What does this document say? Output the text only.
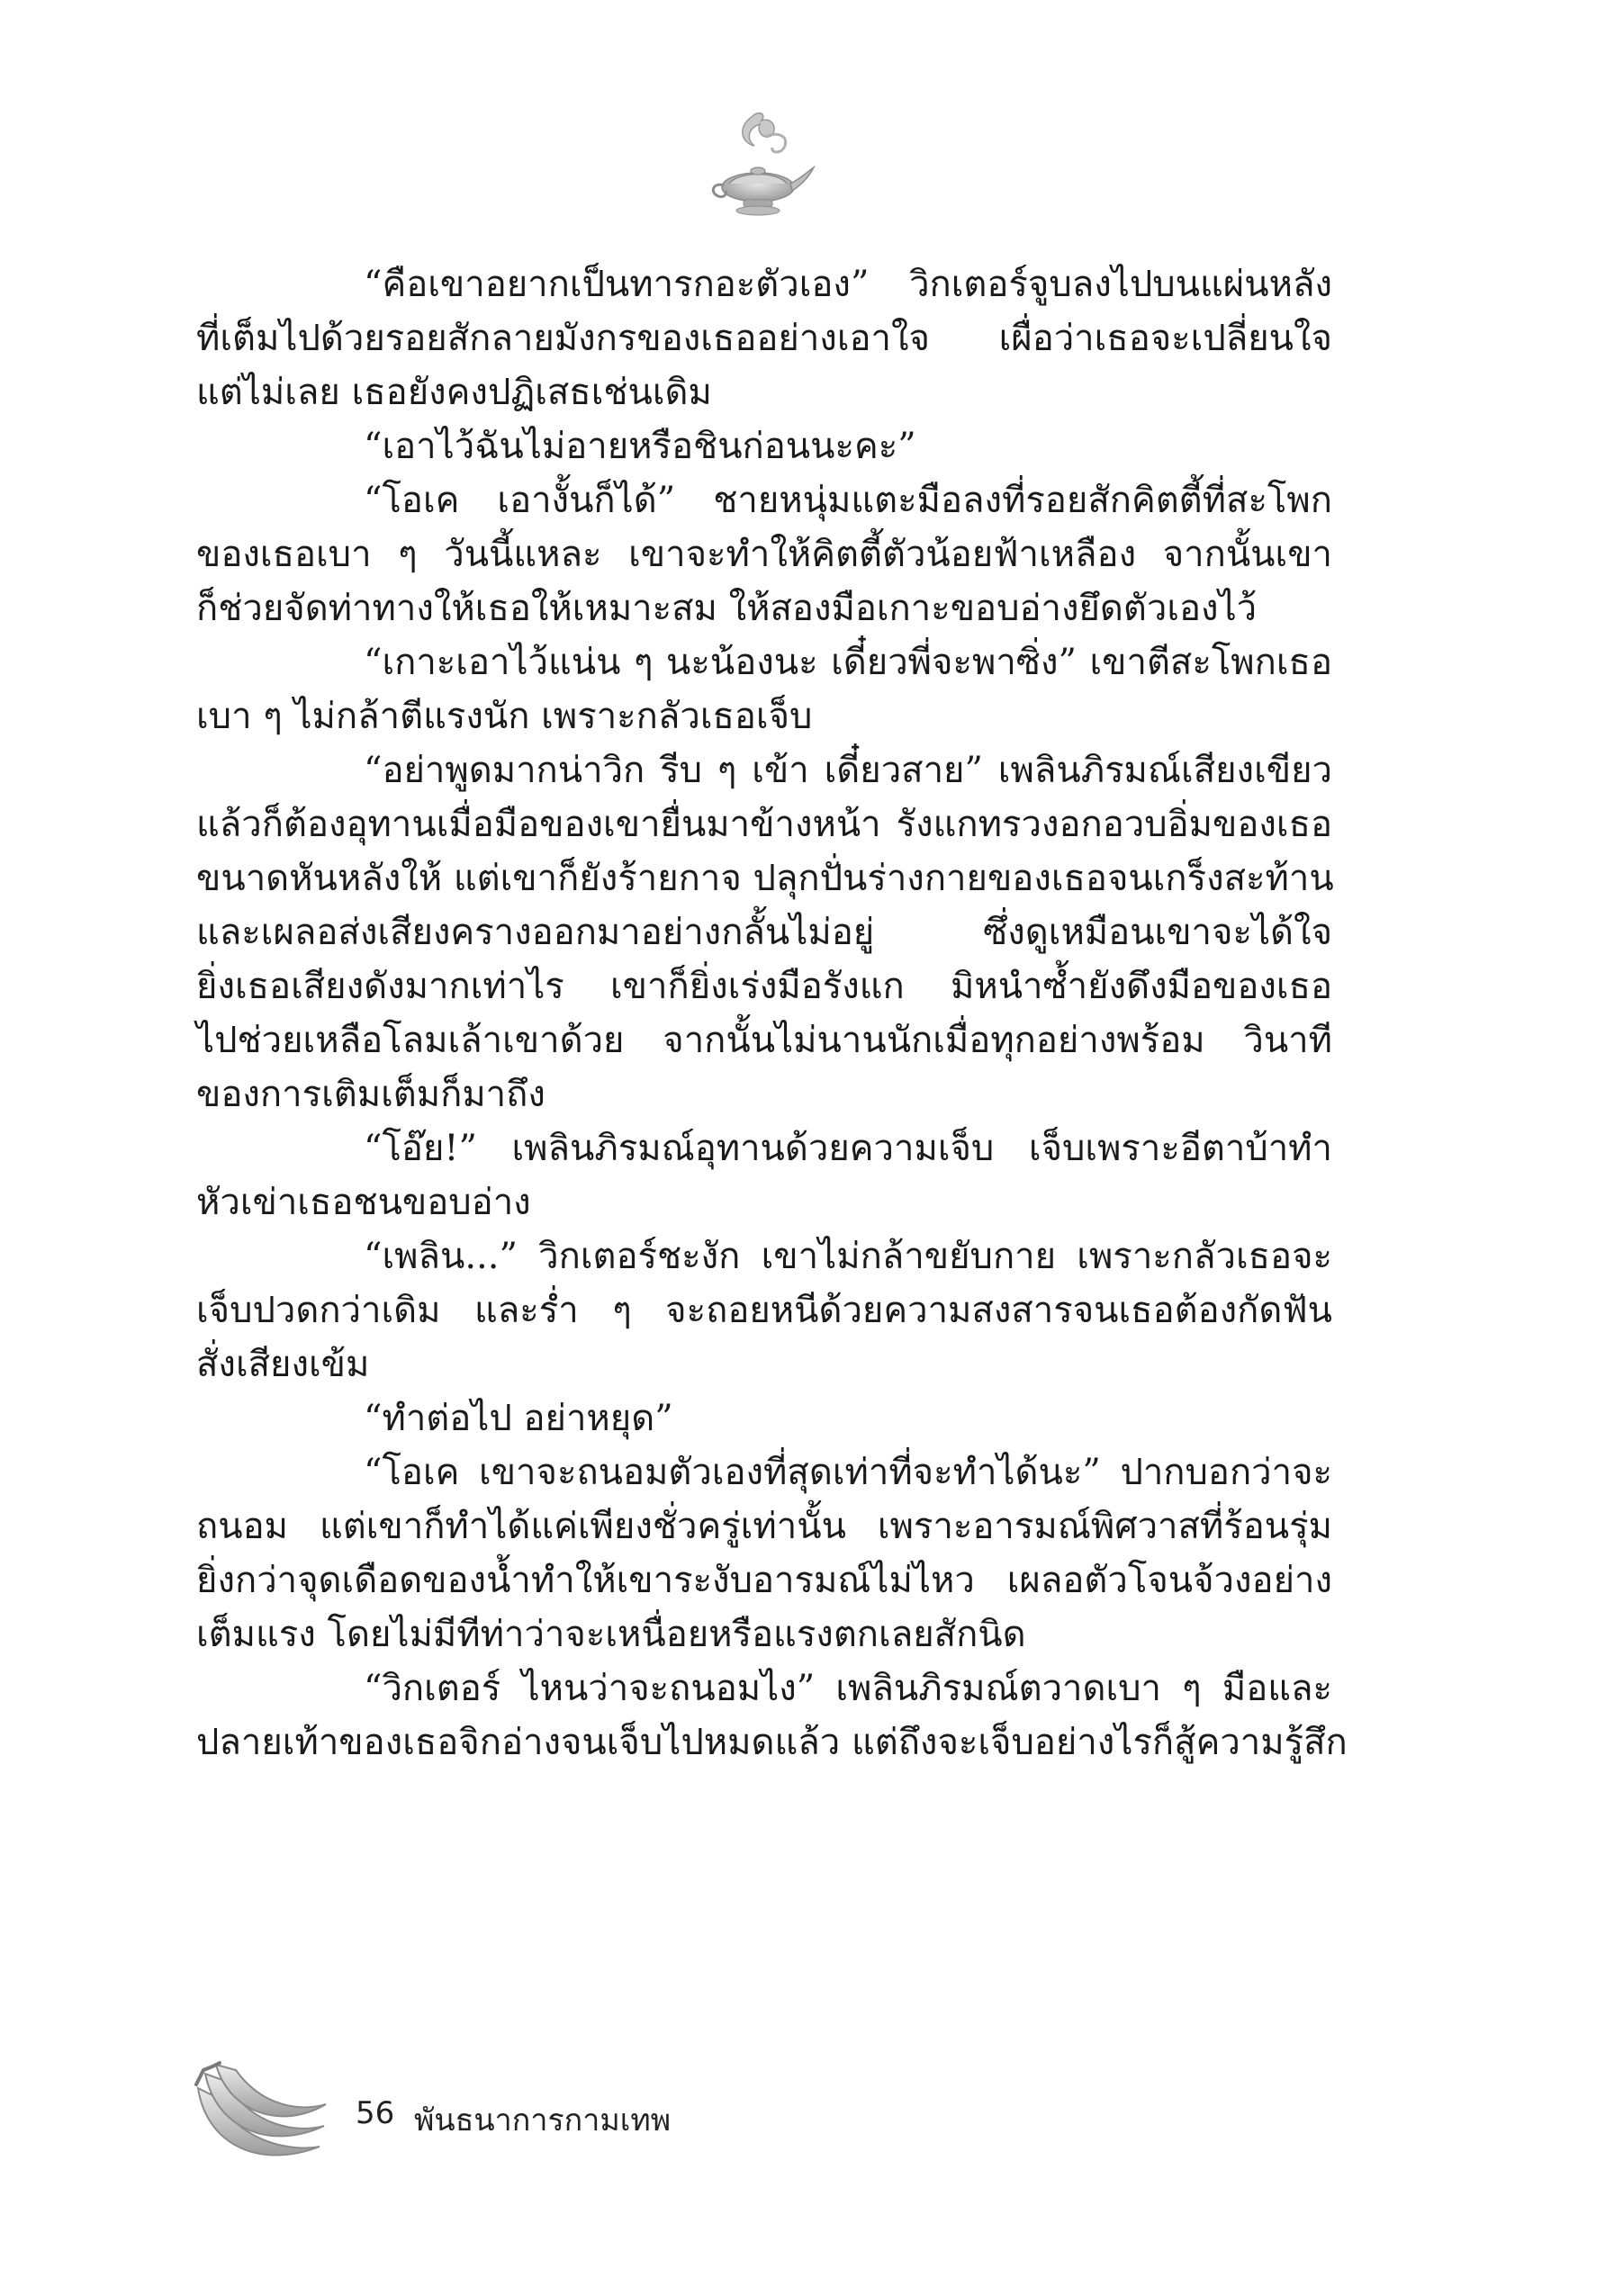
“คือเขาอยากเป็นทารกอะตัวเอง” วิกเตอร์จูบลงไปบนแผ่นหลัง
ที่เต็มไปด้วยรอยสักลายมังกรของเธออย่างเอาใจ เผื่อว่าเธอจะเปลี่ยนใจ
แต่ไม่เลย เธอยังคงปฏิเสธเช่นเดิม
“เอาไว้ฉันไม่อายหรือชินก่อนนะคะ”
“โอเค เอางั้นก็ได้” ชายหนุ่มแตะมือลงที่รอยสักคิตตี้ที่สะโพก
ของเธอเบา ๆ วันนี้แหละ เขาจะทำให้คิตตี้ตัวน้อยฟ้าเหลือง จากนั้นเขา
ก็ช่วยจัดท่าทางให้เธอให้เหมาะสม ให้สองมือเกาะขอบอ่างยึดตัวเองไว้
“เกาะเอาไว้แน่น ๆ นะน้องนะ เดี๋ยวพี่จะพาซิ่ง” เขาตีสะโพกเธอ
เบา ๆ ไม่กล้าตีแรงนัก เพราะกลัวเธอเจ็บ
“อย่าพูดมากน่าวิก รีบ ๆ เข้า เดี๋ยวสาย” เพลินภิรมณ์เสียงเขียว
แล้วก็ต้องอุทานเมื่อมือของเขายื่นมาข้างหน้า รังแกทรวงอกอวบอิ่มของเธอ
ขนาดหันหลังให้ แต่เขาก็ยังร้ายกาจ ปลุกปั่นร่างกายของเธอจนเกร็งสะท้าน
และเผลอส่งเสียงครางออกมาอย่างกลั้นไม่อยู่ ซึ่งดูเหมือนเขาจะได้ใจ
ยิ่งเธอเสียงดังมากเท่าไร เขาก็ยิ่งเร่งมือรังแก มิหนำซ้ำยังดึงมือของเธอ
ไปช่วยเหลือโลมเล้าเขาด้วย จากนั้นไม่นานนักเมื่อทุกอย่างพร้อม วินาที
ของการเติมเต็มก็มาถึง
“โอ๊ย!” เพลินภิรมณ์อุทานด้วยความเจ็บ เจ็บเพราะอีตาบ้าทำ
หัวเข่าเธอชนขอบอ่าง
“เพลิน...” วิกเตอร์ชะงัก เขาไม่กล้าขยับกาย เพราะกลัวเธอจะ
เจ็บปวดกว่าเดิม และร่ำ ๆ จะถอยหนีด้วยความสงสารจนเธอต้องกัดฟัน
สั่งเสียงเข้ม
“ทำต่อไป อย่าหยุด”
“โอเค เขาจะถนอมตัวเองที่สุดเท่าที่จะทำได้นะ” ปากบอกว่าจะ
ถนอม แต่เขาก็ทำได้แค่เพียงชั่วครู่เท่านั้น เพราะอารมณ์พิศวาสที่ร้อนรุ่ม
ยิ่งกว่าจุดเดือดของน้ำทำให้เขาระงับอารมณ์ไม่ไหว เผลอตัวโจนจ้วงอย่าง
เต็มแรง โดยไม่มีทีท่าว่าจะเหนื่อยหรือแรงตกเลยสักนิด
“วิกเตอร์ ไหนว่าจะถนอมไง” เพลินภิรมณ์ตวาดเบา ๆ มือและ
ปลายเท้าของเธอจิกอ่างจนเจ็บไปหมดแล้ว แต่ถึงจะเจ็บอย่างไรก็สู้ความรู้สึก
56 พันธนาการกามเทพ
